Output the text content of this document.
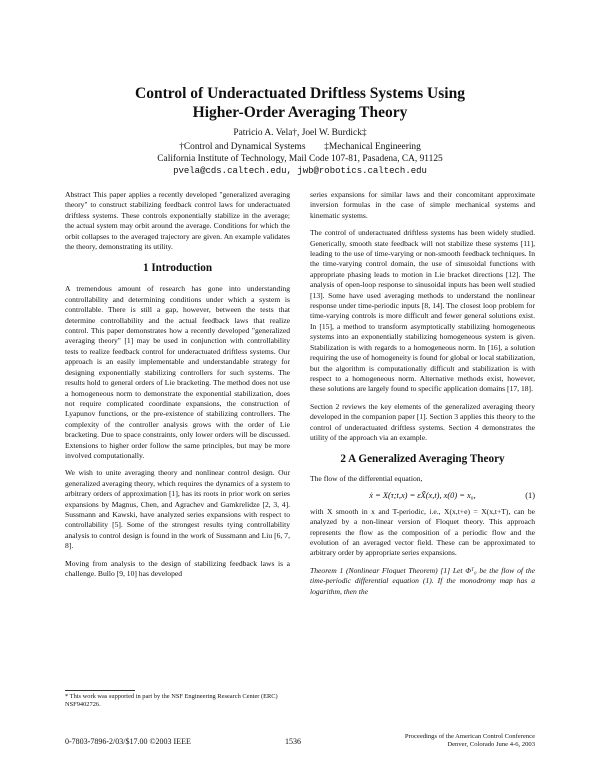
Control of Underactuated Driftless Systems Using
Higher-Order Averaging Theory
Patricio A. Vela†, Joel W. Burdick‡
†Control and Dynamical Systems        ‡Mechanical Engineering
California Institute of Technology, Mail Code 107-81, Pasadena, CA, 91125
pvela@cds.caltech.edu, jwb@robotics.caltech.edu

Abstract This paper applies a recently developed "generalized averaging theory" to construct stabilizing feedback control laws for underactuated driftless systems. These controls exponentially stabilize in the average; the actual system may orbit around the average. Conditions for which the orbit collapses to the averaged trajectory are given. An example validates the theory, demonstrating its utility.

1 Introduction

A tremendous amount of research has gone into understanding controllability and determining conditions under which a system is controllable. There is still a gap, however, between the tests that determine controllability and the actual feedback laws that realize control. This paper demonstrates how a recently developed "generalized averaging theory" [1] may be used in conjunction with controllability tests to realize feedback control for underactuated driftless systems. Our approach is an easily implementable and understandable strategy for designing exponentially stabilizing controllers for such systems. The results hold to general orders of Lie bracketing. The method does not use a homogeneous norm to demonstrate the exponential stabilization, does not require complicated coordinate expansions, the construction of Lyapunov functions, or the pre-existence of stabilizing controllers. The complexity of the controller analysis grows with the order of Lie bracketing. Due to space constraints, only lower orders will be discussed. Extensions to higher order follow the same principles, but may be more involved computationally.

We wish to unite averaging theory and nonlinear control design. Our generalized averaging theory, which requires the dynamics of a system to arbitrary orders of approximation [1], has its roots in prior work on series expansions by Magnus, Chen, and Agrachev and Gamkrelidze [2, 3, 4]. Sussmann and Kawski, have analyzed series expansions with respect to controllability [5]. Some of the strongest results tying controllability analysis to control design is found in the work of Sussmann and Liu [6, 7, 8].

Moving from analysis to the design of stabilizing feedback laws is a challenge. Bullo [9, 10] has developed

* This work was supported in part by the NSF Engineering Research Center (ERC) NSF9402726.

series expansions for similar laws and their concomitant approximate inversion formulas in the case of simple mechanical systems and kinematic systems.

The control of underactuated driftless systems has been widely studied. Generically, smooth state feedback will not stabilize these systems [11], leading to the use of time-varying or non-smooth feedback techniques. In the time-varying control domain, the use of sinusoidal functions with appropriate phasing leads to motion in Lie bracket directions [12]. The analysis of open-loop response to sinusoidal inputs has been well studied [13]. Some have used averaging methods to understand the nonlinear response under time-periodic inputs [8, 14]. The closest loop problem for time-varying controls is more difficult and fewer general solutions exist. In [15], a method to transform asymptotically stabilizing homogeneous systems into an exponentially stabilizing homogeneous system is given. Stabilization is with regards to a homogeneous norm. In [16], a solution requiring the use of homogeneity is found for global or local stabilization, but the algorithm is computationally difficult and stabilization is with respect to a homogeneous norm. Alternative methods exist, however, these solutions are largely found to specific application domains [17, 18].

Section 2 reviews the key elements of the generalized averaging theory developed in the companion paper [1]. Section 3 applies this theory to the control of underactuated driftless systems. Section 4 demonstrates the utility of the approach via an example.

2 A Generalized Averaging Theory

The flow of the differential equation,

ẋ = X(τ;t,x) = εX̃(x,t), x(0) = x₀,	(1)

with X smooth in x and T-periodic, i.e., X(x,t+e) = X(x,t+T), can be analyzed by a non-linear version of Floquet theory. This approach represents the flow as the composition of a periodic flow and the evolution of an averaged vector field. These can be approximated to arbitrary order by appropriate series expansions.

Theorem 1 (Nonlinear Floquet Theorem) [1] Let Φᵀ₀ be the flow of the time-periodic differential equation (1). If the monodromy map has a logarithm, then the

0-7803-7896-2/03/$17.00 ©2003 IEEE	1536
Proceedings of the American Control Conference
Denver, Colorado June 4-6, 2003
